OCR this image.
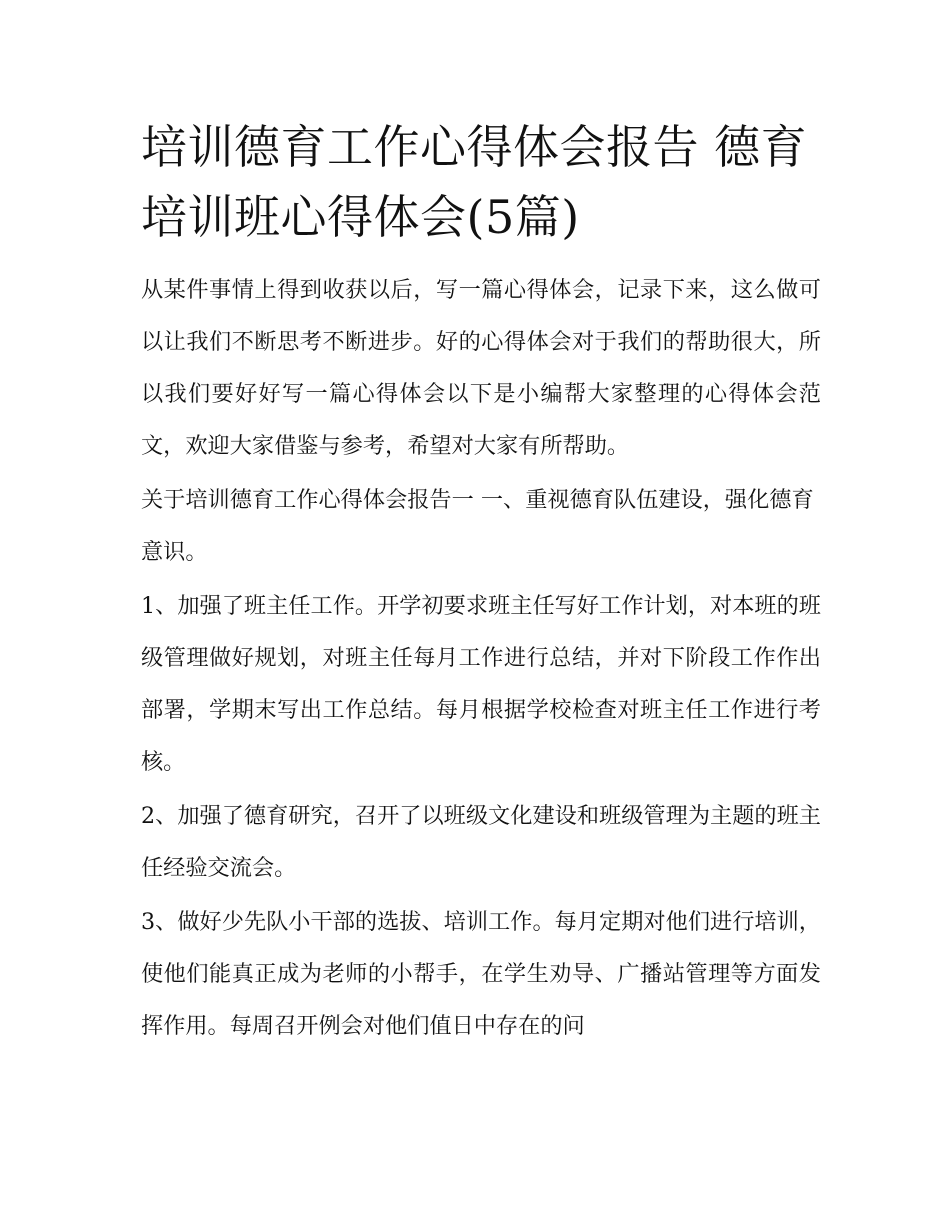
培训德育工作心得体会报告 德育培训班心得体会(5篇)

从某件事情上得到收获以后，写一篇心得体会，记录下来，这么做可以让我们不断思考不断进步。好的心得体会对于我们的帮助很大，所以我们要好好写一篇心得体会以下是小编帮大家整理的心得体会范文，欢迎大家借鉴与参考，希望对大家有所帮助。

关于培训德育工作心得体会报告一 一、重视德育队伍建设，强化德育意识。

1、加强了班主任工作。开学初要求班主任写好工作计划，对本班的班级管理做好规划，对班主任每月工作进行总结，并对下阶段工作作出部署，学期末写出工作总结。每月根据学校检查对班主任工作进行考核。

2、加强了德育研究，召开了以班级文化建设和班级管理为主题的班主任经验交流会。

3、做好少先队小干部的选拔、培训工作。每月定期对他们进行培训，使他们能真正成为老师的小帮手，在学生劝导、广播站管理等方面发挥作用。每周召开例会对他们值日中存在的问
